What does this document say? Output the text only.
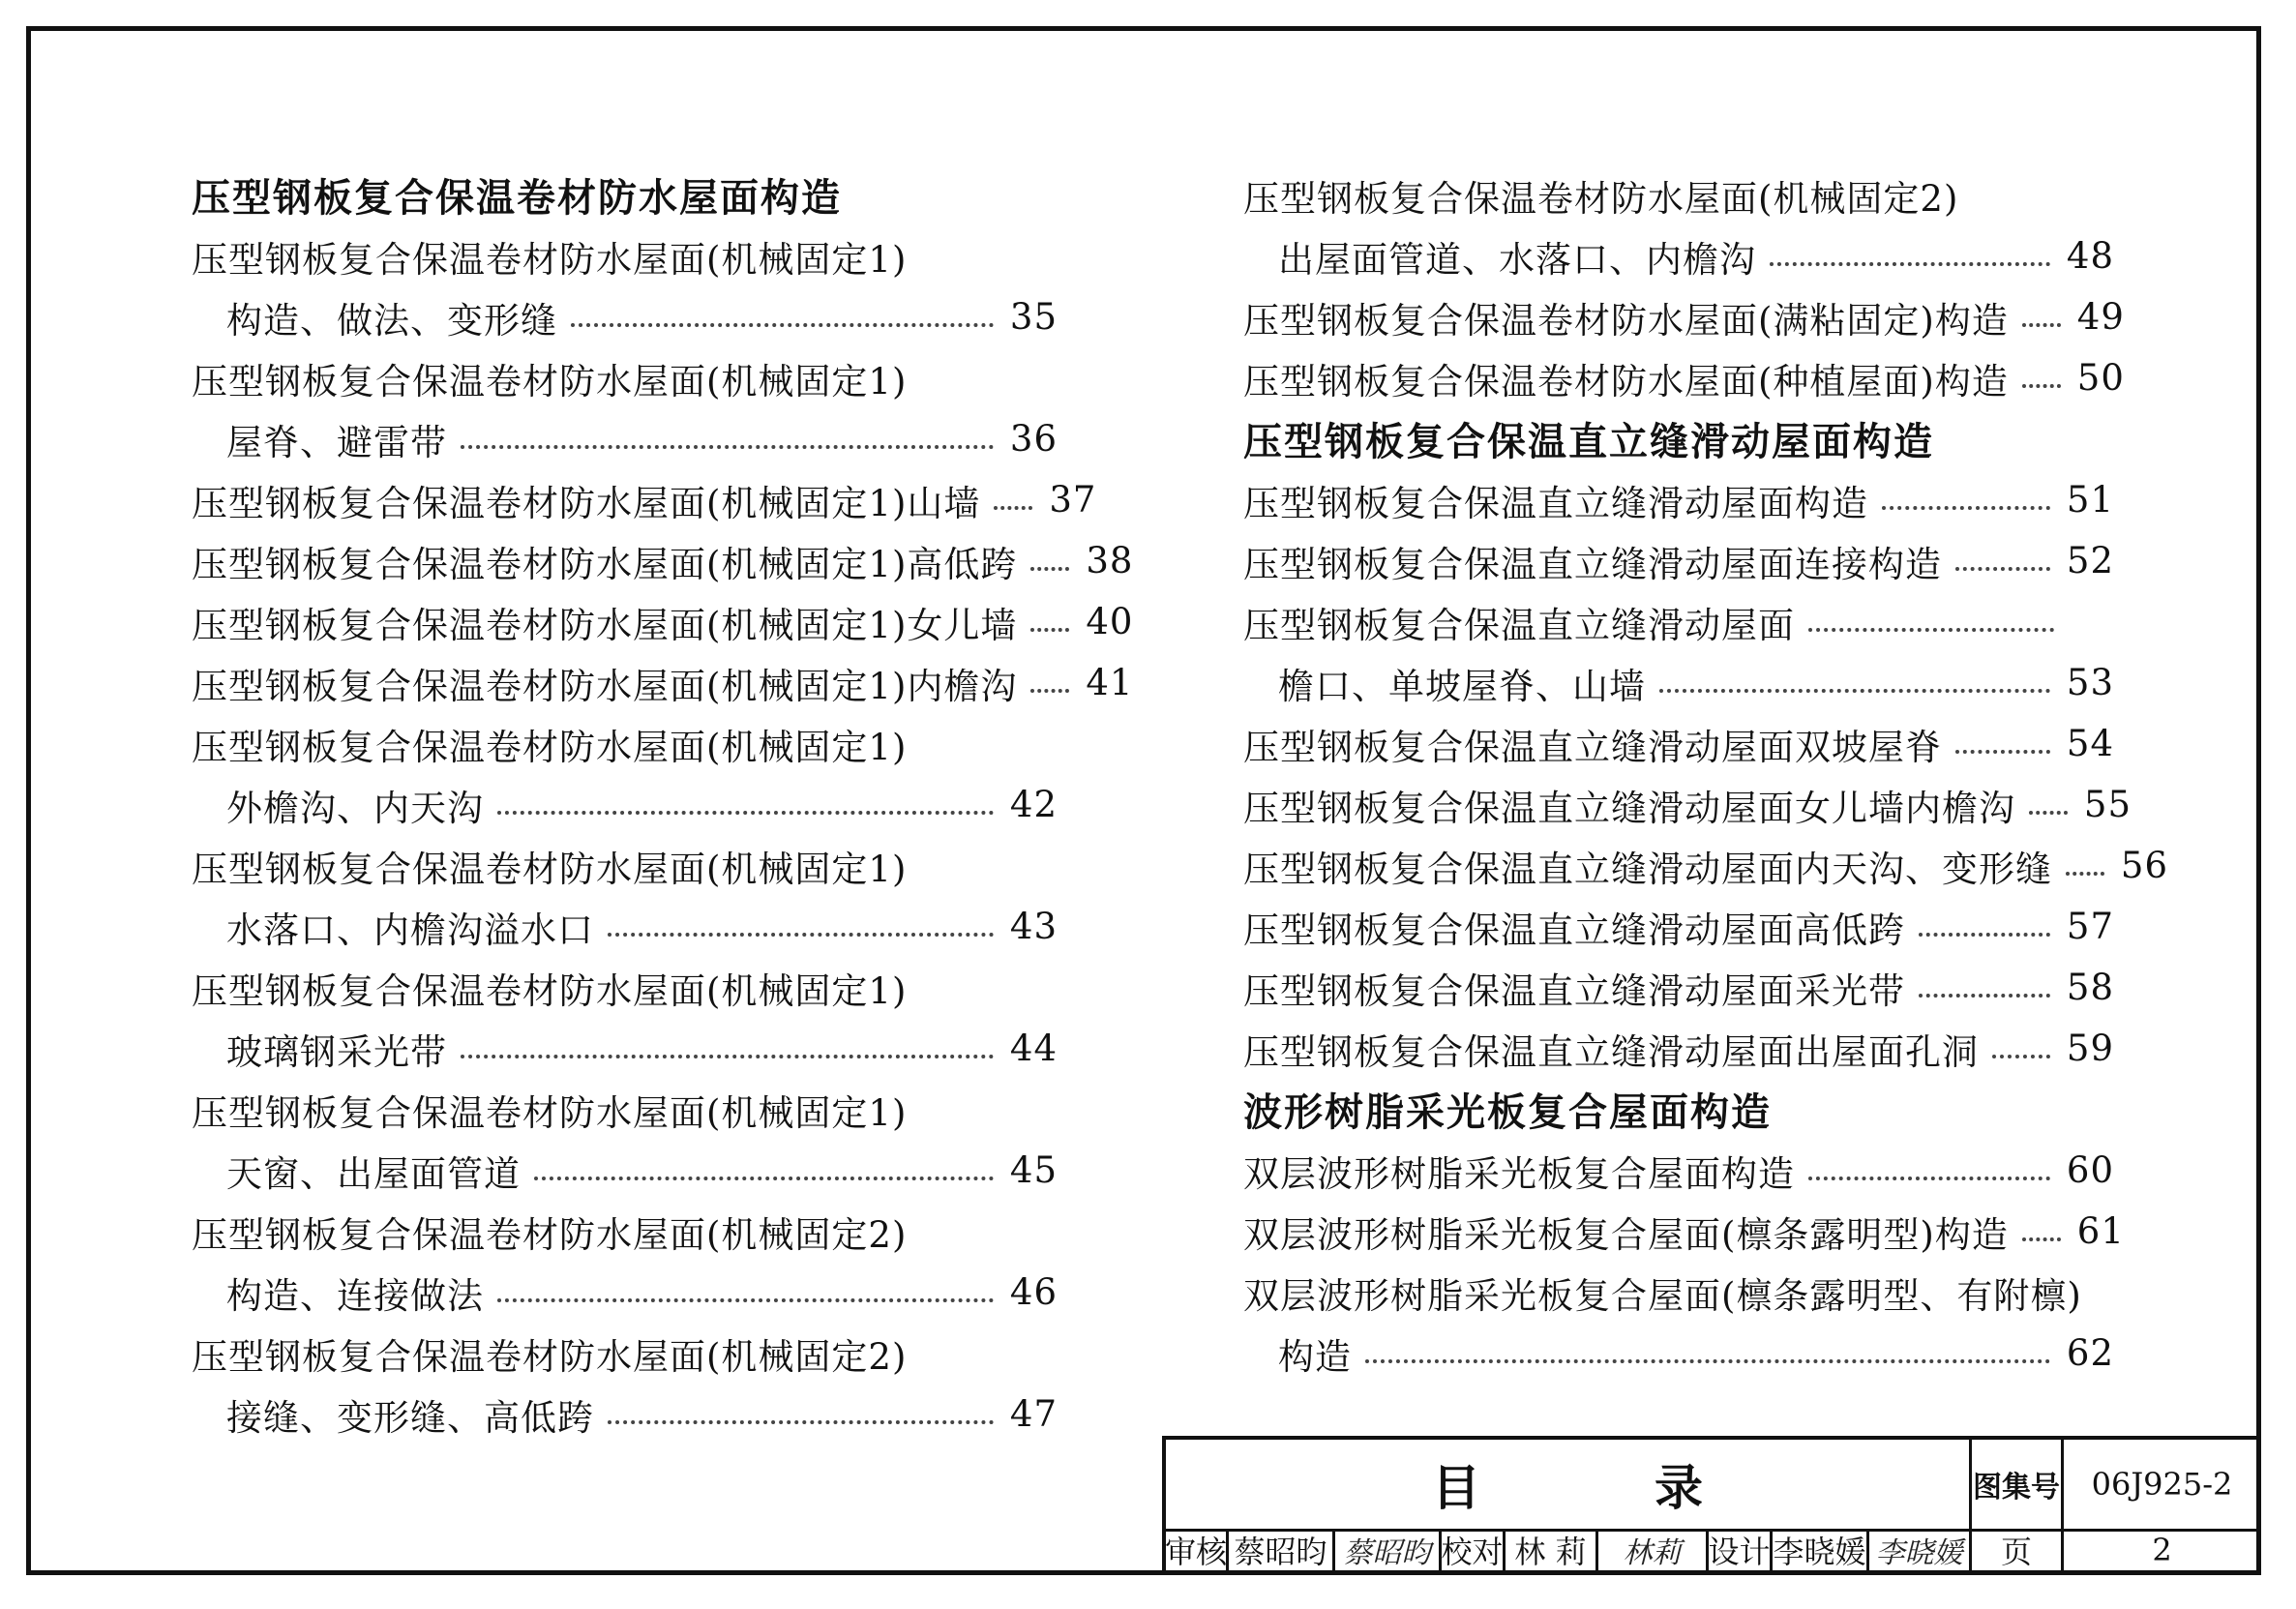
压型钢板复合保温卷材防水屋面构造
压型钢板复合保温卷材防水屋面(机械固定1)
构造、做法、变形缝	35
压型钢板复合保温卷材防水屋面(机械固定1)
屋脊、避雷带	36
压型钢板复合保温卷材防水屋面(机械固定1)山墙 37
压型钢板复合保温卷材防水屋面(机械固定1)高低跨 38
压型钢板复合保温卷材防水屋面(机械固定1)女儿墙 40
压型钢板复合保温卷材防水屋面(机械固定1)内檐沟 41
压型钢板复合保温卷材防水屋面(机械固定1)
外檐沟、内天沟	42
压型钢板复合保温卷材防水屋面(机械固定1)
水落口、内檐沟溢水口	43
压型钢板复合保温卷材防水屋面(机械固定1)
玻璃钢采光带	44
压型钢板复合保温卷材防水屋面(机械固定1)
天窗、出屋面管道	45
压型钢板复合保温卷材防水屋面(机械固定2)
构造、连接做法	46
压型钢板复合保温卷材防水屋面(机械固定2)
接缝、变形缝、高低跨	47
压型钢板复合保温卷材防水屋面(机械固定2)
出屋面管道、水落口、内檐沟	48
压型钢板复合保温卷材防水屋面(满粘固定)构造 49
压型钢板复合保温卷材防水屋面(种植屋面)构造 50
压型钢板复合保温直立缝滑动屋面构造
压型钢板复合保温直立缝滑动屋面构造	51
压型钢板复合保温直立缝滑动屋面连接构造	52
压型钢板复合保温直立缝滑动屋面
檐口、单坡屋脊、山墙	53
压型钢板复合保温直立缝滑动屋面双坡屋脊	54
压型钢板复合保温直立缝滑动屋面女儿墙内檐沟 55
压型钢板复合保温直立缝滑动屋面内天沟、变形缝 56
压型钢板复合保温直立缝滑动屋面高低跨	57
压型钢板复合保温直立缝滑动屋面采光带	58
压型钢板复合保温直立缝滑动屋面出屋面孔洞 59
波形树脂采光板复合屋面构造
双层波形树脂采光板复合屋面构造	60
双层波形树脂采光板复合屋面(檩条露明型)构造 61
双层波形树脂采光板复合屋面(檩条露明型、有附檩)
构造	62
目录	图集号	06J925-2
审核 蔡昭昀 蔡昭昀 校对 林 莉	林莉 设计 李晓媛 李晓媛	页	2
